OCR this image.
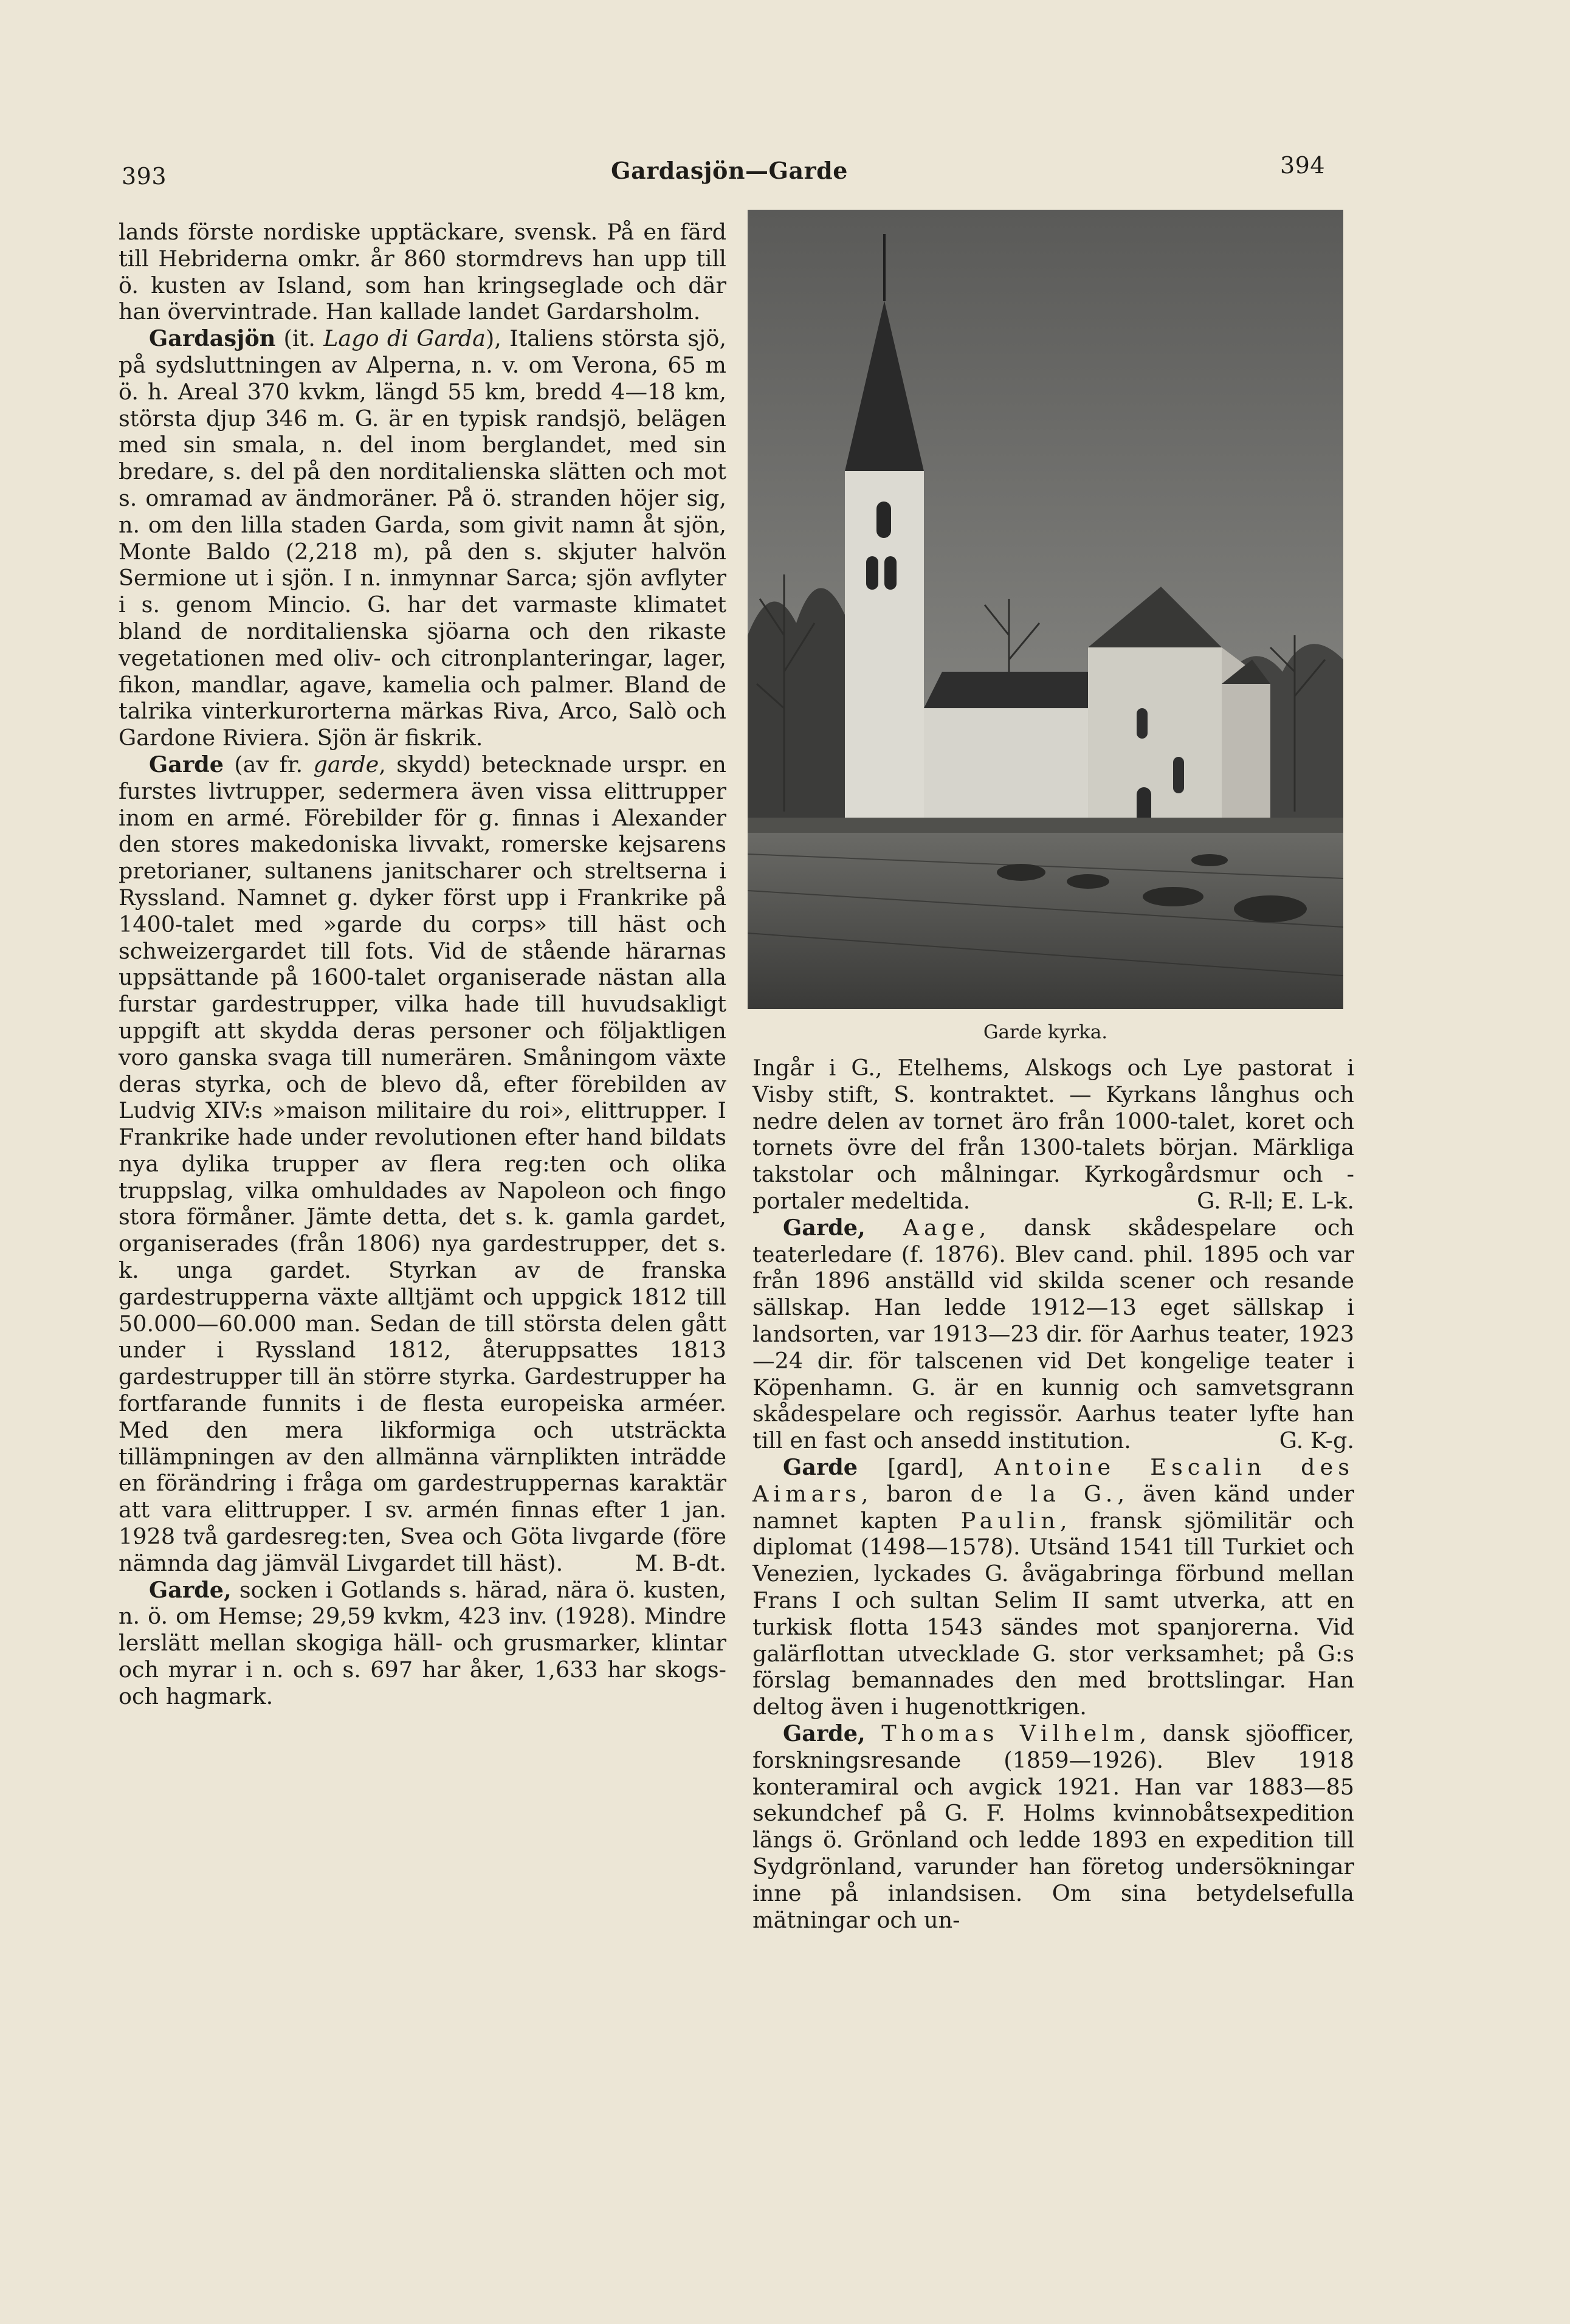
393	Gardasjön—Garde	394

lands förste nordiske upptäckare, svensk. På en färd till Hebriderna omkr. år 860 stormdrevs han upp till ö. kusten av Island, som han kringseglade och där han övervintrade. Han kallade landet Gardarsholm.

Gardasjön (it. Lago di Garda), Italiens största sjö, på sydsluttningen av Alperna, n. v. om Verona, 65 m ö. h. Areal 370 kvkm, längd 55 km, bredd 4—18 km, största djup 346 m. G. är en typisk randsjö, belägen med sin smala, n. del inom berglandet, med sin bredare, s. del på den norditalienska slätten och mot s. omramad av ändmoräner. På ö. stranden höjer sig, n. om den lilla staden Garda, som givit namn åt sjön, Monte Baldo (2,218 m), på den s. skjuter halvön Sermione ut i sjön. I n. inmynnar Sarca; sjön avflyter i s. genom Mincio. G. har det varmaste klimatet bland de norditalienska sjöarna och den rikaste vegetationen med oliv- och citronplanteringar, lager, fikon, mandlar, agave, kamelia och palmer. Bland de talrika vinterkurorterna märkas Riva, Arco, Salò och Gardone Riviera. Sjön är fiskrik.

Garde (av fr. garde, skydd) betecknade urspr. en furstes livtrupper, sedermera även vissa elittrupper inom en armé. Förebilder för g. finnas i Alexander den stores makedoniska livvakt, romerske kejsarens pretorianer, sultanens janitscharer och streltserna i Ryssland. Namnet g. dyker först upp i Frankrike på 1400-talet med »garde du corps» till häst och schweizergardet till fots. Vid de stående härarnas uppsättande på 1600-talet organiserade nästan alla furstar gardestrupper, vilka hade till huvudsakligt uppgift att skydda deras personer och följaktligen voro ganska svaga till numerären. Småningom växte deras styrka, och de blevo då, efter förebilden av Ludvig XIV:s »maison militaire du roi», elittrupper. I Frankrike hade under revolutionen efter hand bildats nya dylika trupper av flera reg:ten och olika truppslag, vilka omhuldades av Napoleon och fingo stora förmåner. Jämte detta, det s. k. gamla gardet, organiserades (från 1806) nya gardestrupper, det s. k. unga gardet. Styrkan av de franska gardestrupperna växte alltjämt och uppgick 1812 till 50.000—60.000 man. Sedan de till största delen gått under i Ryssland 1812, återuppsattes 1813 gardestrupper till än större styrka. Gardestrupper ha fortfarande funnits i de flesta europeiska arméer. Med den mera likformiga och utsträckta tillämpningen av den allmänna värnplikten inträdde en förändring i fråga om gardestruppernas karaktär att vara elittrupper. I sv. armén finnas efter 1 jan. 1928 två gardesreg:ten, Svea och Göta livgarde (före nämnda dag jämväl Livgardet till häst).	M. B-dt.

Garde, socken i Gotlands s. härad, nära ö. kusten, n. ö. om Hemse; 29,59 kvkm, 423 inv. (1928). Mindre lerslätt mellan skogiga häll- och grusmarker, klintar och myrar i n. och s. 697 har åker, 1,633 har skogs- och hagmark.

Garde kyrka.

Ingår i G., Etelhems, Alskogs och Lye pastorat i Visby stift, S. kontraktet. — Kyrkans långhus och nedre delen av tornet äro från 1000-talet, koret och tornets övre del från 1300-talets början. Märkliga takstolar och målningar. Kyrkogårdsmur och -portaler medeltida.	G. R-ll; E. L-k.

Garde, Aage, dansk skådespelare och teaterledare (f. 1876). Blev cand. phil. 1895 och var från 1896 anställd vid skilda scener och resande sällskap. Han ledde 1912—13 eget sällskap i landsorten, var 1913—23 dir. för Aarhus teater, 1923—24 dir. för talscenen vid Det kongelige teater i Köpenhamn. G. är en kunnig och samvetsgrann skådespelare och regissör. Aarhus teater lyfte han till en fast och ansedd institution.	G. K-g.

Garde [gard], Antoine Escalin des Aimars, baron de la G., även känd under namnet kapten Paulin, fransk sjömilitär och diplomat (1498—1578). Utsänd 1541 till Turkiet och Venezien, lyckades G. åvägabringa förbund mellan Frans I och sultan Selim II samt utverka, att en turkisk flotta 1543 sändes mot spanjorerna. Vid galärflottan utvecklade G. stor verksamhet; på G:s förslag bemannades den med brottslingar. Han deltog även i hugenottkrigen.

Garde, Thomas Vilhelm, dansk sjöofficer, forskningsresande (1859—1926). Blev 1918 konteramiral och avgick 1921. Han var 1883—85 sekundchef på G. F. Holms kvinnobåtsexpedition längs ö. Grönland och ledde 1893 en expedition till Sydgrönland, varunder han företog undersökningar inne på inlandsisen. Om sina betydelsefulla mätningar och un-
